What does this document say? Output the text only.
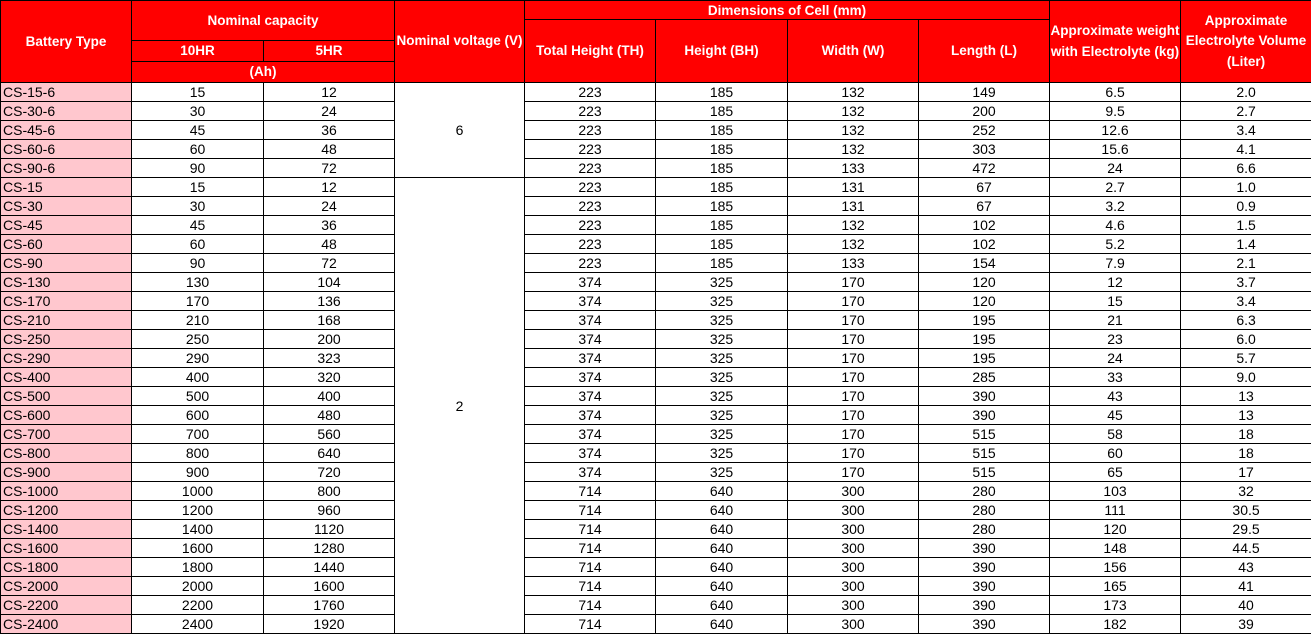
Battery Type	Nominal capacity		Nominal voltage (V)	Dimensions of Cell (mm)				Approximate weight with Electrolyte (kg)	Approximate Electrolyte Volume (Liter)
				Total Height (TH)	Height (BH)	Width (W)	Length (L)		
	10HR	5HR							
	(Ah)								
CS-15-6	15	12	6	223	185	132	149	6.5	2.0
CS-30-6	30	24		223	185	132	200	9.5	2.7
CS-45-6	45	36		223	185	132	252	12.6	3.4
CS-60-6	60	48		223	185	132	303	15.6	4.1
CS-90-6	90	72		223	185	133	472	24	6.6
CS-15	15	12	2	223	185	131	67	2.7	1.0
CS-30	30	24		223	185	131	67	3.2	0.9
CS-45	45	36		223	185	132	102	4.6	1.5
CS-60	60	48		223	185	132	102	5.2	1.4
CS-90	90	72		223	185	133	154	7.9	2.1
CS-130	130	104		374	325	170	120	12	3.7
CS-170	170	136		374	325	170	120	15	3.4
CS-210	210	168		374	325	170	195	21	6.3
CS-250	250	200		374	325	170	195	23	6.0
CS-290	290	323		374	325	170	195	24	5.7
CS-400	400	320		374	325	170	285	33	9.0
CS-500	500	400		374	325	170	390	43	13
CS-600	600	480		374	325	170	390	45	13
CS-700	700	560		374	325	170	515	58	18
CS-800	800	640		374	325	170	515	60	18
CS-900	900	720		374	325	170	515	65	17
CS-1000	1000	800		714	640	300	280	103	32
CS-1200	1200	960		714	640	300	280	111	30.5
CS-1400	1400	1120		714	640	300	280	120	29.5
CS-1600	1600	1280		714	640	300	390	148	44.5
CS-1800	1800	1440		714	640	300	390	156	43
CS-2000	2000	1600		714	640	300	390	165	41
CS-2200	2200	1760		714	640	300	390	173	40
CS-2400	2400	1920		714	640	300	390	182	39
